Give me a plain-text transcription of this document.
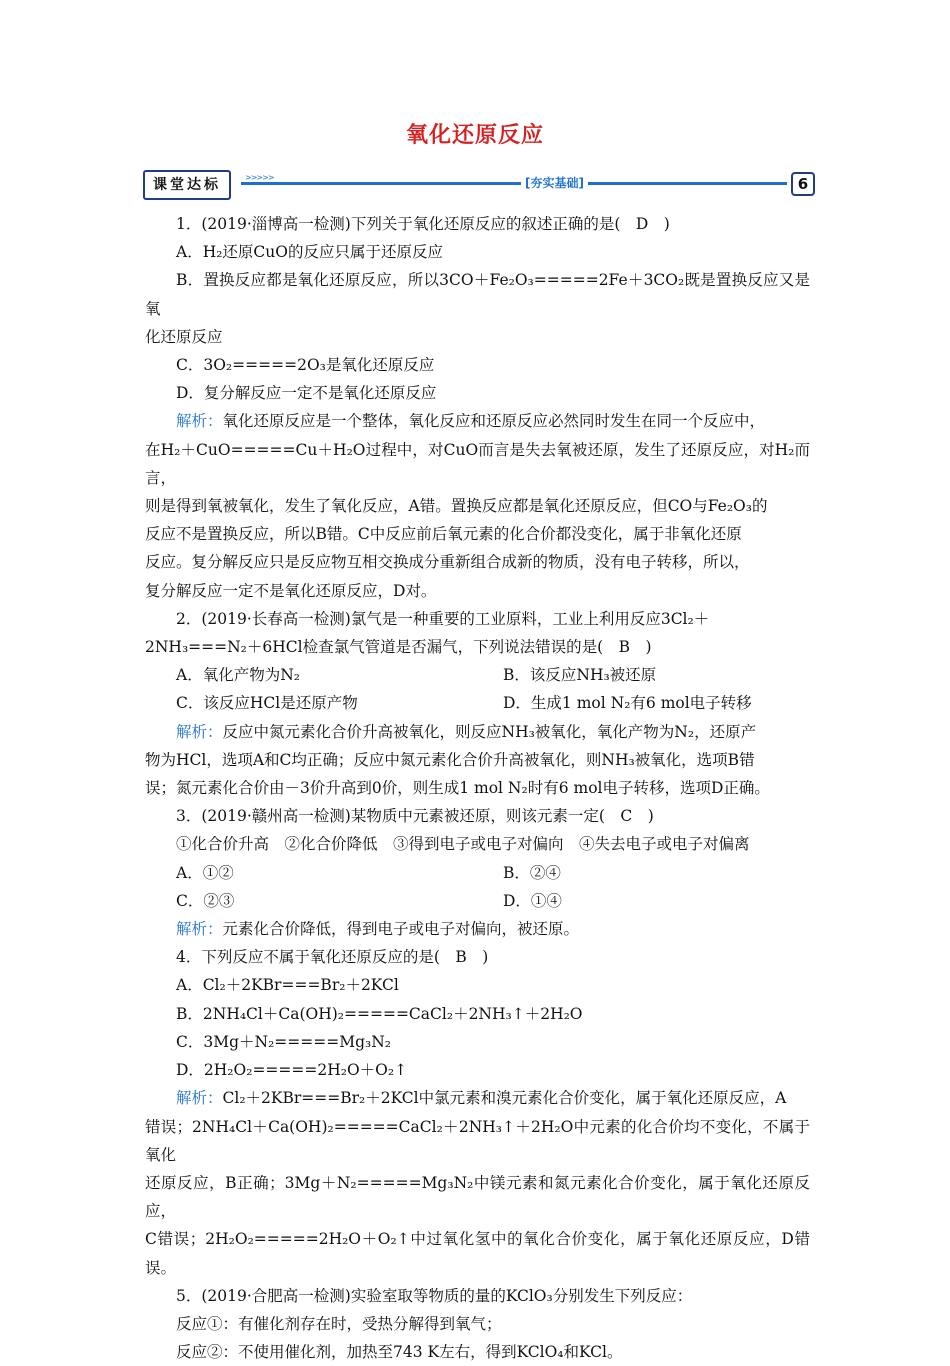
氧化还原反应
课堂达标	>>>>>	[夯实基础]	6

1．(2019·淄博高一检测)下列关于氧化还原反应的叙述正确的是(　D　)

A．H₂还原CuO的反应只属于还原反应

B．置换反应都是氧化还原反应，所以3CO＋Fe₂O₃=====2Fe＋3CO₂既是置换反应又是氧

化还原反应

C．3O₂=====2O₃是氧化还原反应

D．复分解反应一定不是氧化还原反应

解析：氧化还原反应是一个整体，氧化反应和还原反应必然同时发生在同一个反应中，

在H₂＋CuO=====Cu＋H₂O过程中，对CuO而言是失去氧被还原，发生了还原反应，对H₂而言，

则是得到氧被氧化，发生了氧化反应，A错。置换反应都是氧化还原反应，但CO与Fe₂O₃的

反应不是置换反应，所以B错。C中反应前后氧元素的化合价都没变化，属于非氧化还原

反应。复分解反应只是反应物互相交换成分重新组合成新的物质，没有电子转移，所以，

复分解反应一定不是氧化还原反应，D对。

2．(2019·长春高一检测)氯气是一种重要的工业原料，工业上利用反应3Cl₂＋

2NH₃===N₂＋6HCl检查氯气管道是否漏气，下列说法错误的是(　B　)

A．氧化产物为N₂	B．该反应NH₃被还原
C．该反应HCl是还原产物	D．生成1 mol N₂有6 mol电子转移

解析：反应中氮元素化合价升高被氧化，则反应NH₃被氧化，氧化产物为N₂，还原产

物为HCl，选项A和C均正确；反应中氮元素化合价升高被氧化，则NH₃被氧化，选项B错

误；氮元素化合价由－3价升高到0价，则生成1 mol N₂时有6 mol电子转移，选项D正确。

3．(2019·赣州高一检测)某物质中元素被还原，则该元素一定(　C　)

①化合价升高　②化合价降低　③得到电子或电子对偏向　④失去电子或电子对偏离

A．①②	B．②④
C．②③	D．①④

解析：元素化合价降低，得到电子或电子对偏向，被还原。

4．下列反应不属于氧化还原反应的是(　B　)

A．Cl₂＋2KBr===Br₂＋2KCl

B．2NH₄Cl＋Ca(OH)₂=====CaCl₂＋2NH₃↑＋2H₂O

C．3Mg＋N₂=====Mg₃N₂

D．2H₂O₂=====2H₂O＋O₂↑

解析：Cl₂＋2KBr===Br₂＋2KCl中氯元素和溴元素化合价变化，属于氧化还原反应，A

错误；2NH₄Cl＋Ca(OH)₂=====CaCl₂＋2NH₃↑＋2H₂O中元素的化合价均不变化，不属于氧化

还原反应，B正确；3Mg＋N₂=====Mg₃N₂中镁元素和氮元素化合价变化，属于氧化还原反应，

C错误；2H₂O₂=====2H₂O＋O₂↑中过氧化氢中的氧化合价变化，属于氧化还原反应，D错误。

5．(2019·合肥高一检测)实验室取等物质的量的KClO₃分别发生下列反应：

反应①：有催化剂存在时，受热分解得到氧气；

反应②：不使用催化剂，加热至743 K左右，得到KClO₄和KCl。
